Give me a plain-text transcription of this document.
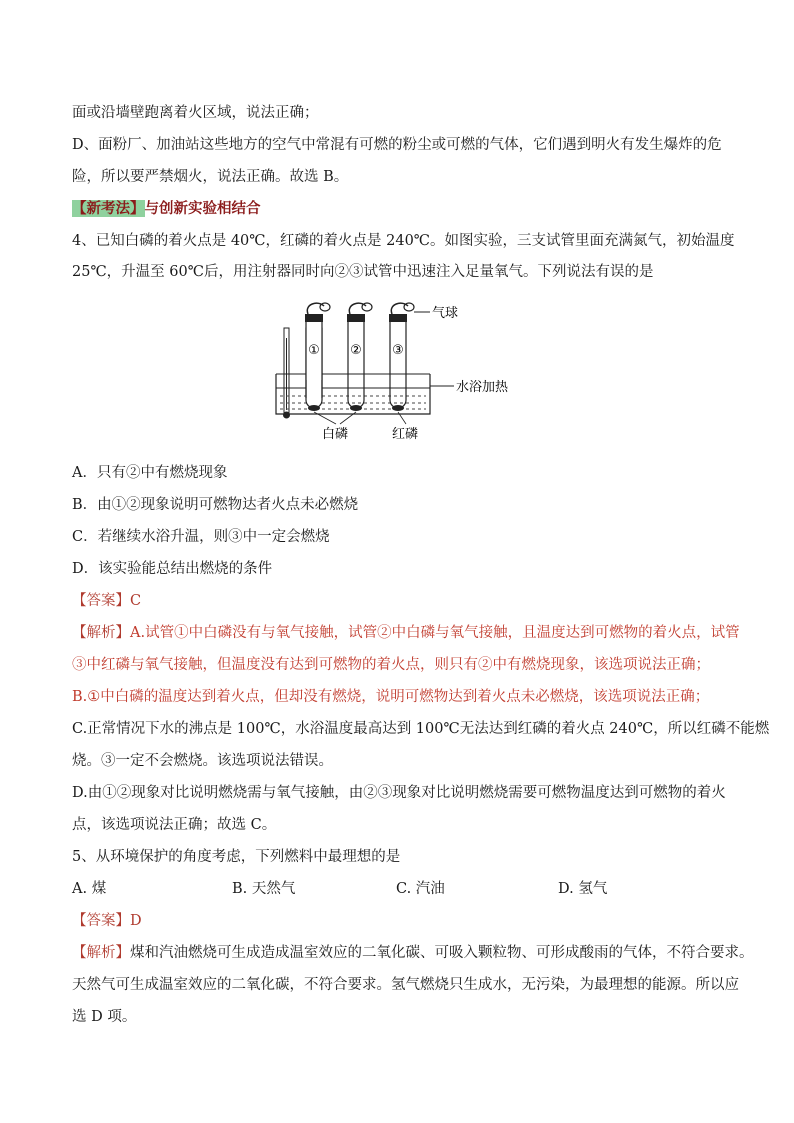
面或沿墙壁跑离着火区域，说法正确；
D、面粉厂、加油站这些地方的空气中常混有可燃的粉尘或可燃的气体，它们遇到明火有发生爆炸的危
险，所以要严禁烟火，说法正确。故选 B。
【新考法】与创新实验相结合
4、已知白磷的着火点是 40℃，红磷的着火点是 240℃。如图实验，三支试管里面充满氮气，初始温度
25℃，升温至 60℃后，用注射器同时向②③试管中迅速注入足量氧气。下列说法有误的是
① ② ③
气球
水浴加热
白磷	红磷
A．只有②中有燃烧现象
B．由①②现象说明可燃物达者火点未必燃烧
C．若继续水浴升温，则③中一定会燃烧
D．该实验能总结出燃烧的条件
【答案】C
【解析】A.试管①中白磷没有与氧气接触，试管②中白磷与氧气接触，且温度达到可燃物的着火点，试管
③中红磷与氧气接触，但温度没有达到可燃物的着火点，则只有②中有燃烧现象，该选项说法正确；
B.①中白磷的温度达到着火点，但却没有燃烧，说明可燃物达到着火点未必燃烧，该选项说法正确；
C.正常情况下水的沸点是 100℃，水浴温度最高达到 100℃无法达到红磷的着火点 240℃，所以红磷不能燃
烧。③一定不会燃烧。该选项说法错误。
D.由①②现象对比说明燃烧需与氧气接触，由②③现象对比说明燃烧需要可燃物温度达到可燃物的着火
点，该选项说法正确；故选 C。
5、从环境保护的角度考虑，下列燃料中最理想的是
A. 煤	B. 天然气	C. 汽油	D. 氢气
【答案】D
【解析】煤和汽油燃烧可生成造成温室效应的二氧化碳、可吸入颗粒物、可形成酸雨的气体，不符合要求。
天然气可生成温室效应的二氧化碳，不符合要求。氢气燃烧只生成水，无污染，为最理想的能源。所以应
选 D 项。
